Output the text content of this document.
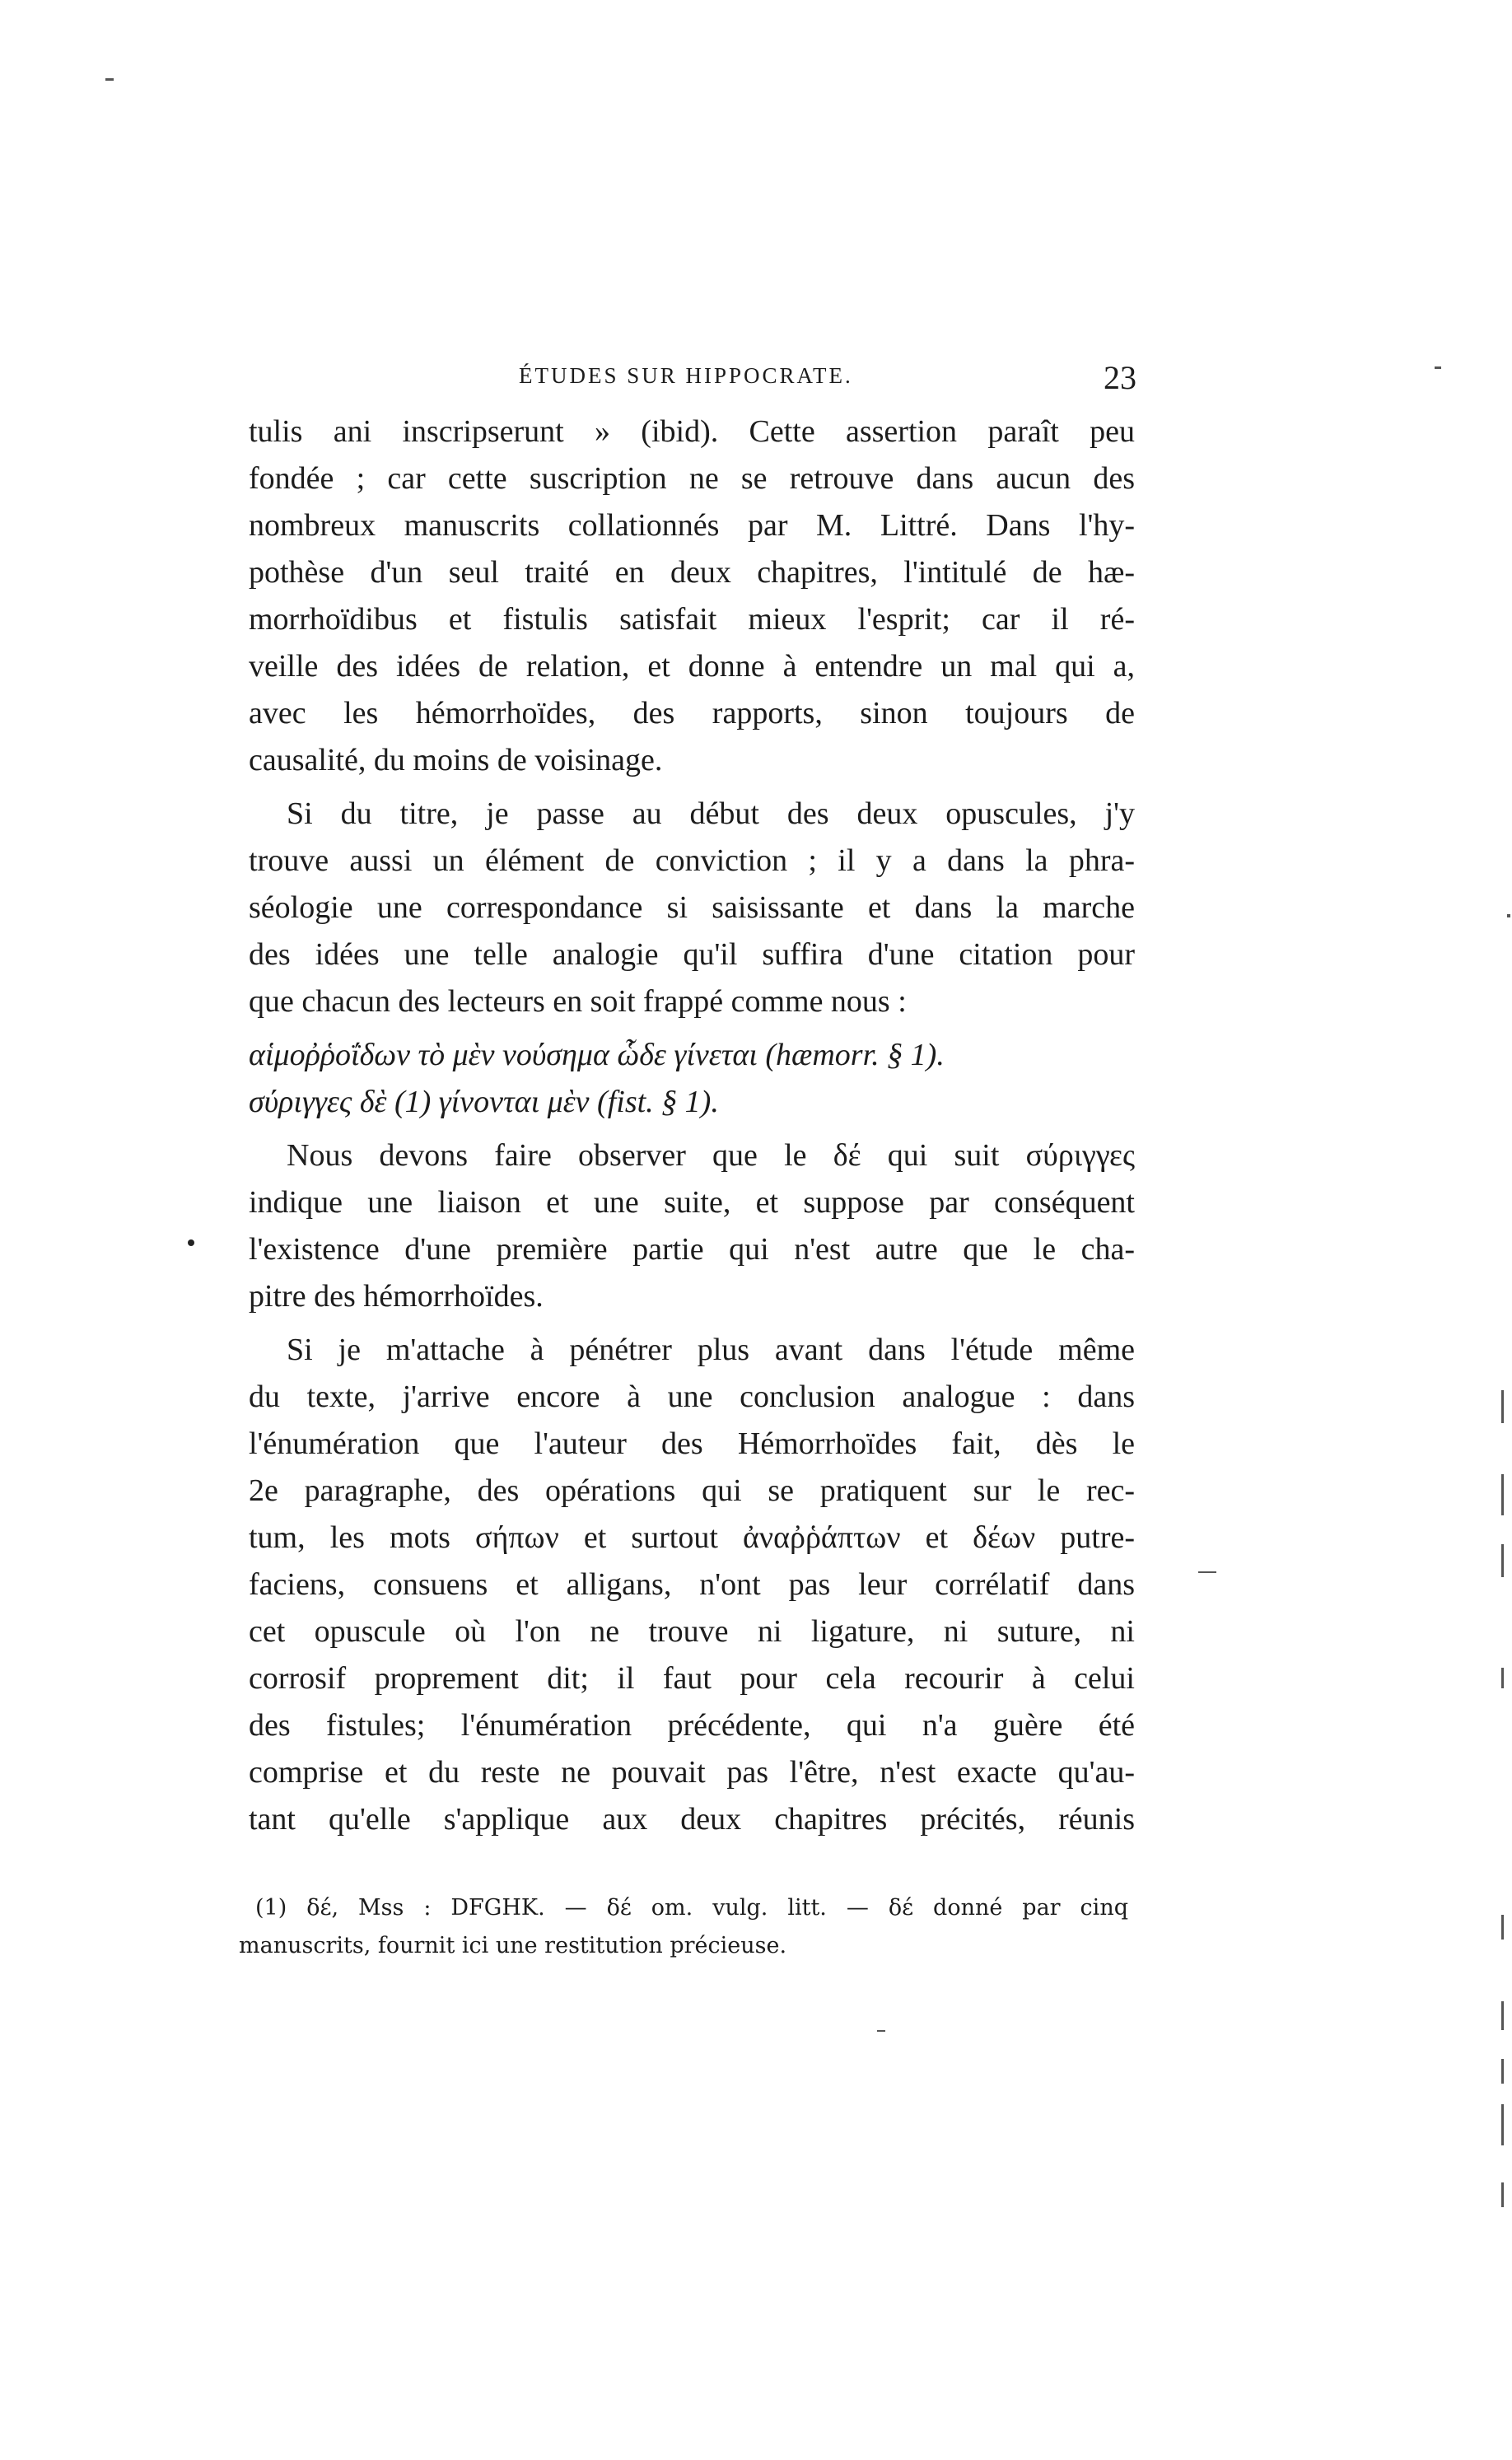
ÉTUDES SUR HIPPOCRATE.	23
tulis ani inscripserunt » (ibid). Cette assertion paraît peu
fondée ; car cette suscription ne se retrouve dans aucun des
nombreux manuscrits collationnés par M. Littré. Dans l'hy-
pothèse d'un seul traité en deux chapitres, l'intitulé de hæ-
morrhoïdibus et fistulis satisfait mieux l'esprit; car il ré-
veille des idées de relation, et donne à entendre un mal qui a,
avec les hémorrhoïdes, des rapports, sinon toujours de
causalité, du moins de voisinage.
Si du titre, je passe au début des deux opuscules, j'y
trouve aussi un élément de conviction ; il y a dans la phra-
séologie une correspondance si saisissante et dans la marche
des idées une telle analogie qu'il suffira d'une citation pour
que chacun des lecteurs en soit frappé comme nous :
αἱμοῤῥοΐδων τὸ μὲν νούσημα ὧδε γίνεται (hæmorr. § 1).
σύριγγες δὲ (1) γίνονται μὲν (fist. § 1).
Nous devons faire observer que le δέ qui suit σύριγγες
indique une liaison et une suite, et suppose par conséquent
l'existence d'une première partie qui n'est autre que le cha-
pitre des hémorrhoïdes.
Si je m'attache à pénétrer plus avant dans l'étude même
du texte, j'arrive encore à une conclusion analogue : dans
l'énumération que l'auteur des Hémorrhoïdes fait, dès le
2e paragraphe, des opérations qui se pratiquent sur le rec-
tum, les mots σήπων et surtout ἀναῤῥάπτων et δέων putre-
faciens, consuens et alligans, n'ont pas leur corrélatif dans
cet opuscule où l'on ne trouve ni ligature, ni suture, ni
corrosif proprement dit; il faut pour cela recourir à celui
des fistules; l'énumération précédente, qui n'a guère été
comprise et du reste ne pouvait pas l'être, n'est exacte qu'au-
tant qu'elle s'applique aux deux chapitres précités, réunis
(1) δέ, Mss : DFGHK. — δέ om. vulg. litt. — δέ donné par cinq
manuscrits, fournit ici une restitution précieuse.
